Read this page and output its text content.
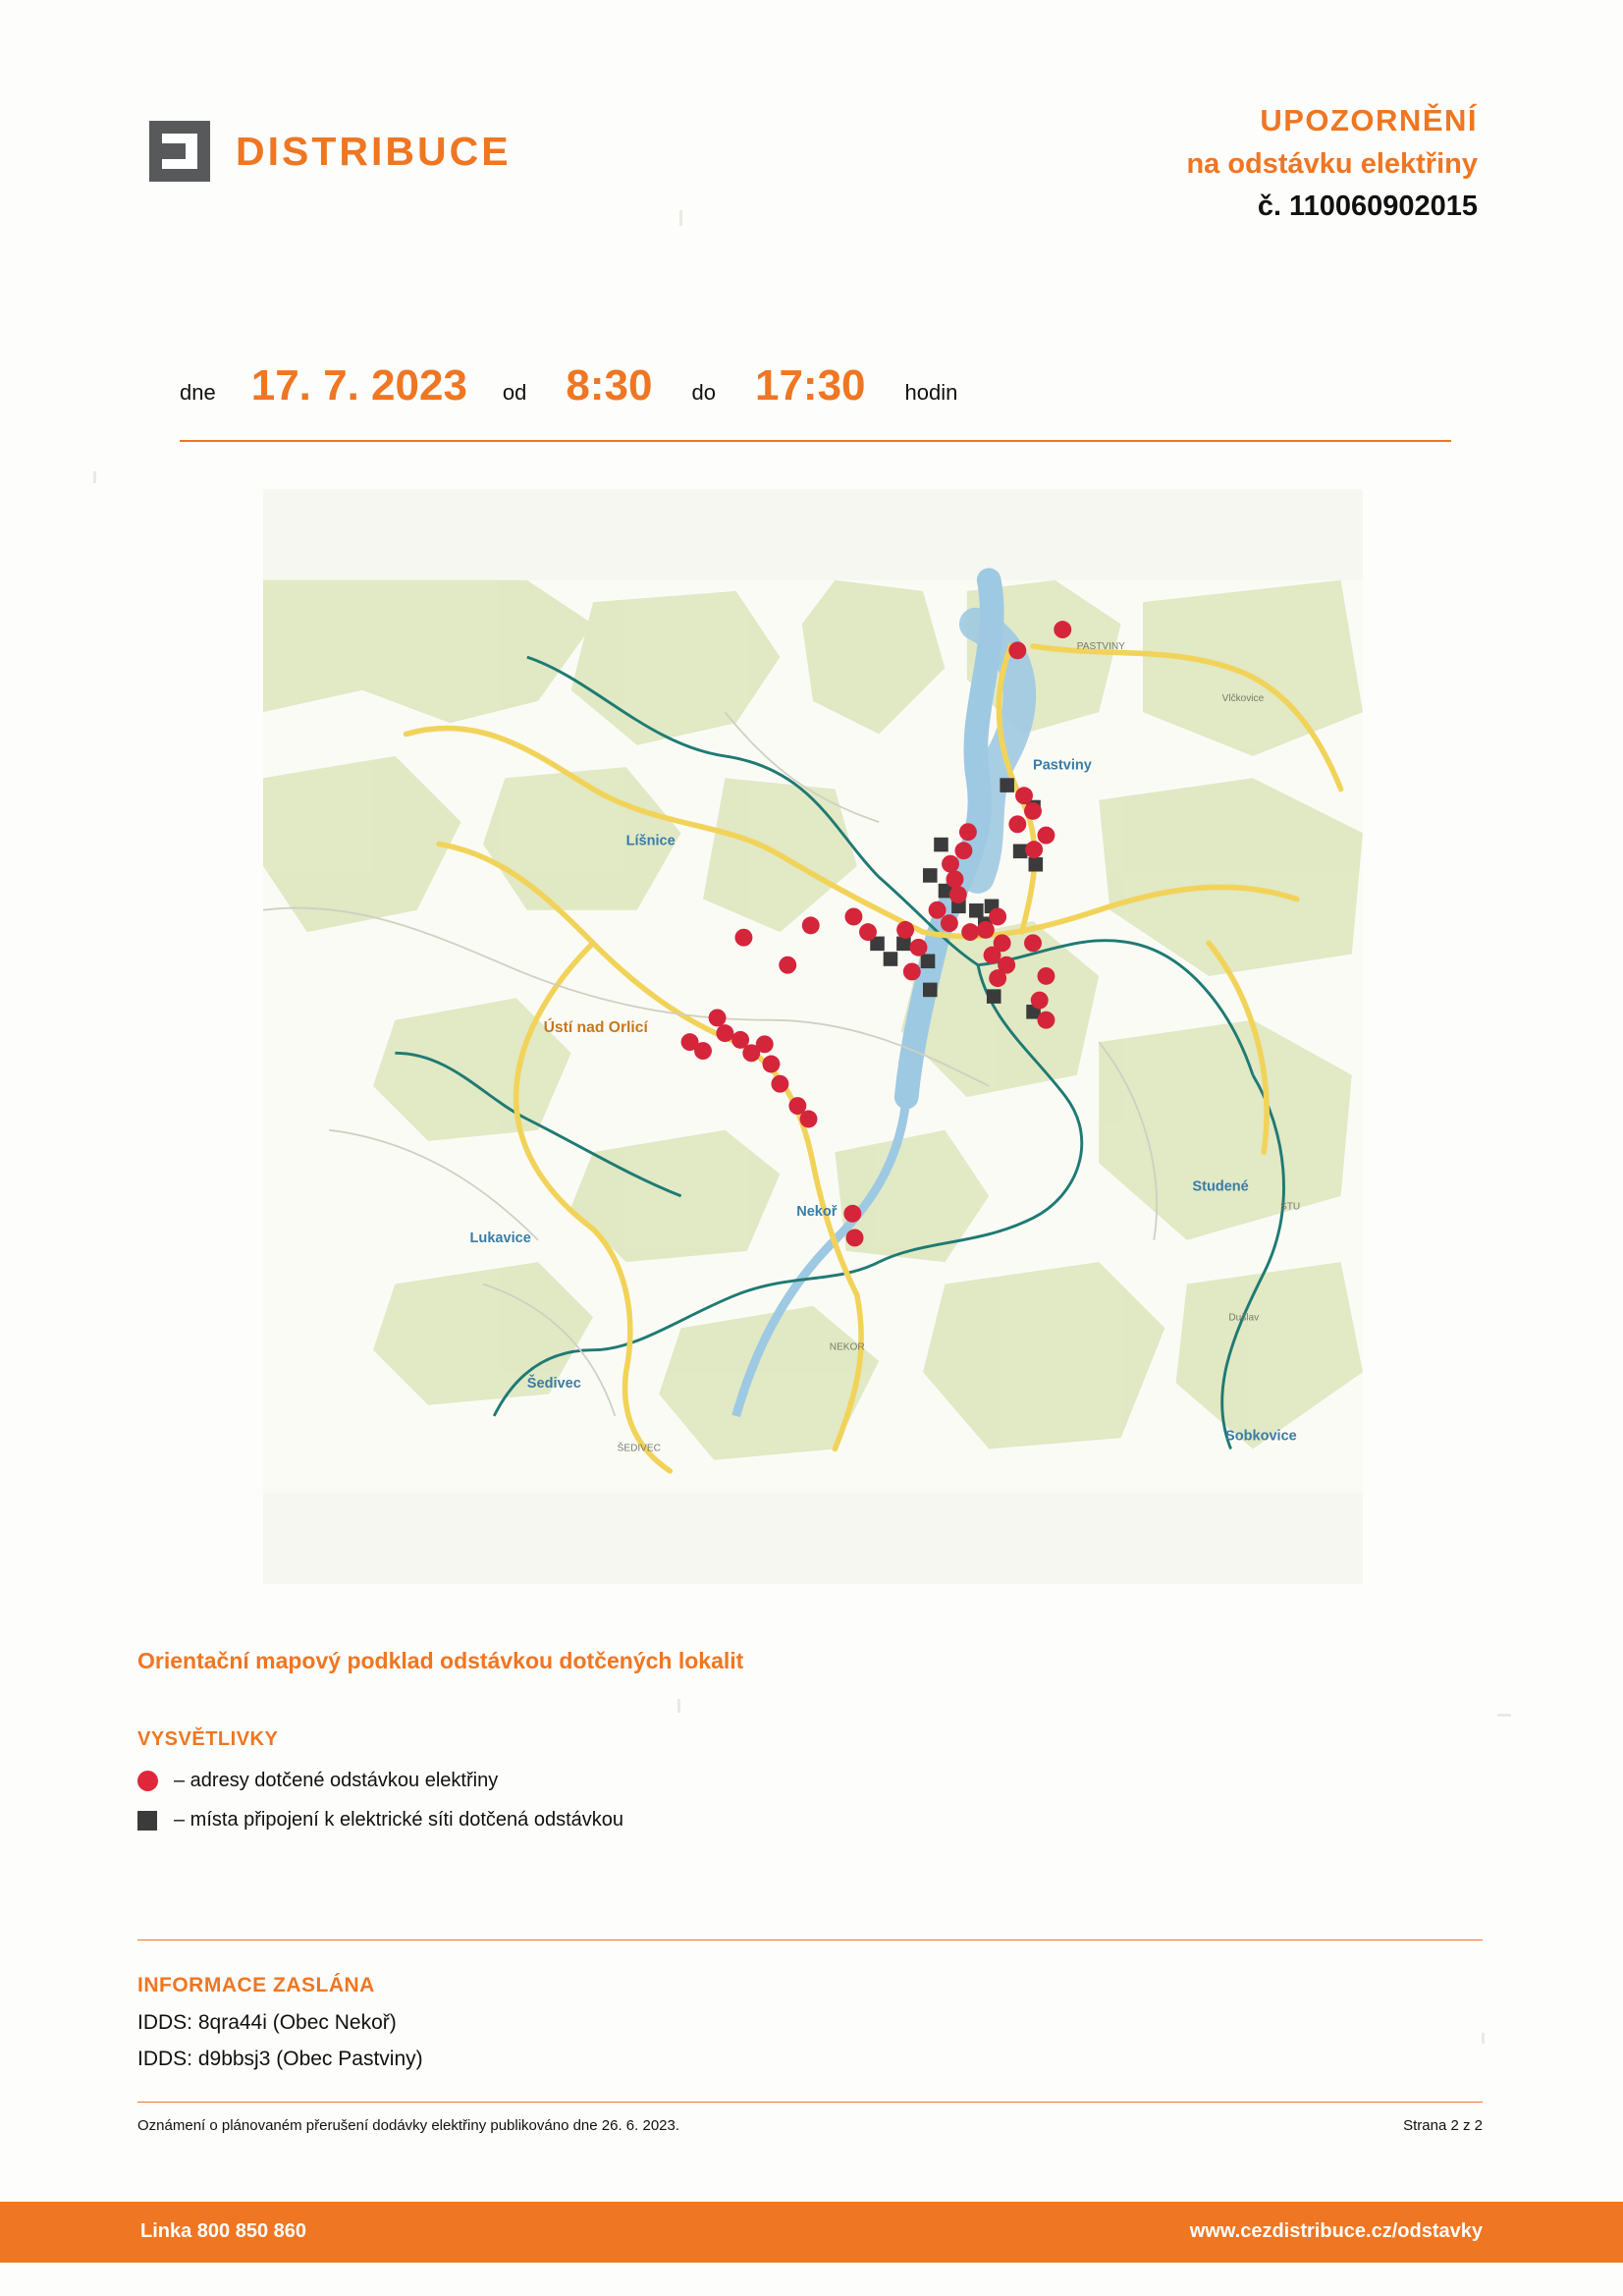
DISTRIBUCE
UPOZORNĚNÍ
na odstávku elektřiny
č. 110060902015
dne 17. 7. 2023 od 8:30 do 17:30 hodin
PASTVINY
Pastviny
Líšnice
Ústí nad Orlicí
Studené
Nekoř
Lukavice
NEKOR
Šedivec
ŠEDIVEC
Sobkovice
Dušlav
STU
Vlčkovice
Orientační mapový podklad odstávkou dotčených lokalit
VYSVĚTLIVKY
– adresy dotčené odstávkou elektřiny
– místa připojení k elektrické síti dotčená odstávkou
INFORMACE ZASLÁNA
IDDS: 8qra44i (Obec Nekoř)
IDDS: d9bbsj3 (Obec Pastviny)
Oznámení o plánovaném přerušení dodávky elektřiny publikováno dne 26. 6. 2023.	Strana 2 z 2
Linka 800 850 860	www.cezdistribuce.cz/odstavky
